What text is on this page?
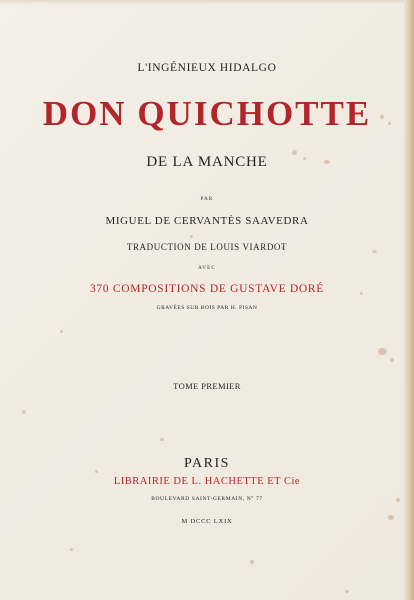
L'INGÉNIEUX HIDALGO

DON QUICHOTTE

DE LA MANCHE

PAR

MIGUEL DE CERVANTÈS SAAVEDRA

TRADUCTION DE LOUIS VIARDOT

AVEC

370 COMPOSITIONS DE GUSTAVE DORÉ

GRAVÉES SUR BOIS PAR H. PISAN

TOME PREMIER

PARIS

LIBRAIRIE DE L. HACHETTE ET Cie

BOULEVARD SAINT-GERMAIN, N° 77

M DCCC LXIX
